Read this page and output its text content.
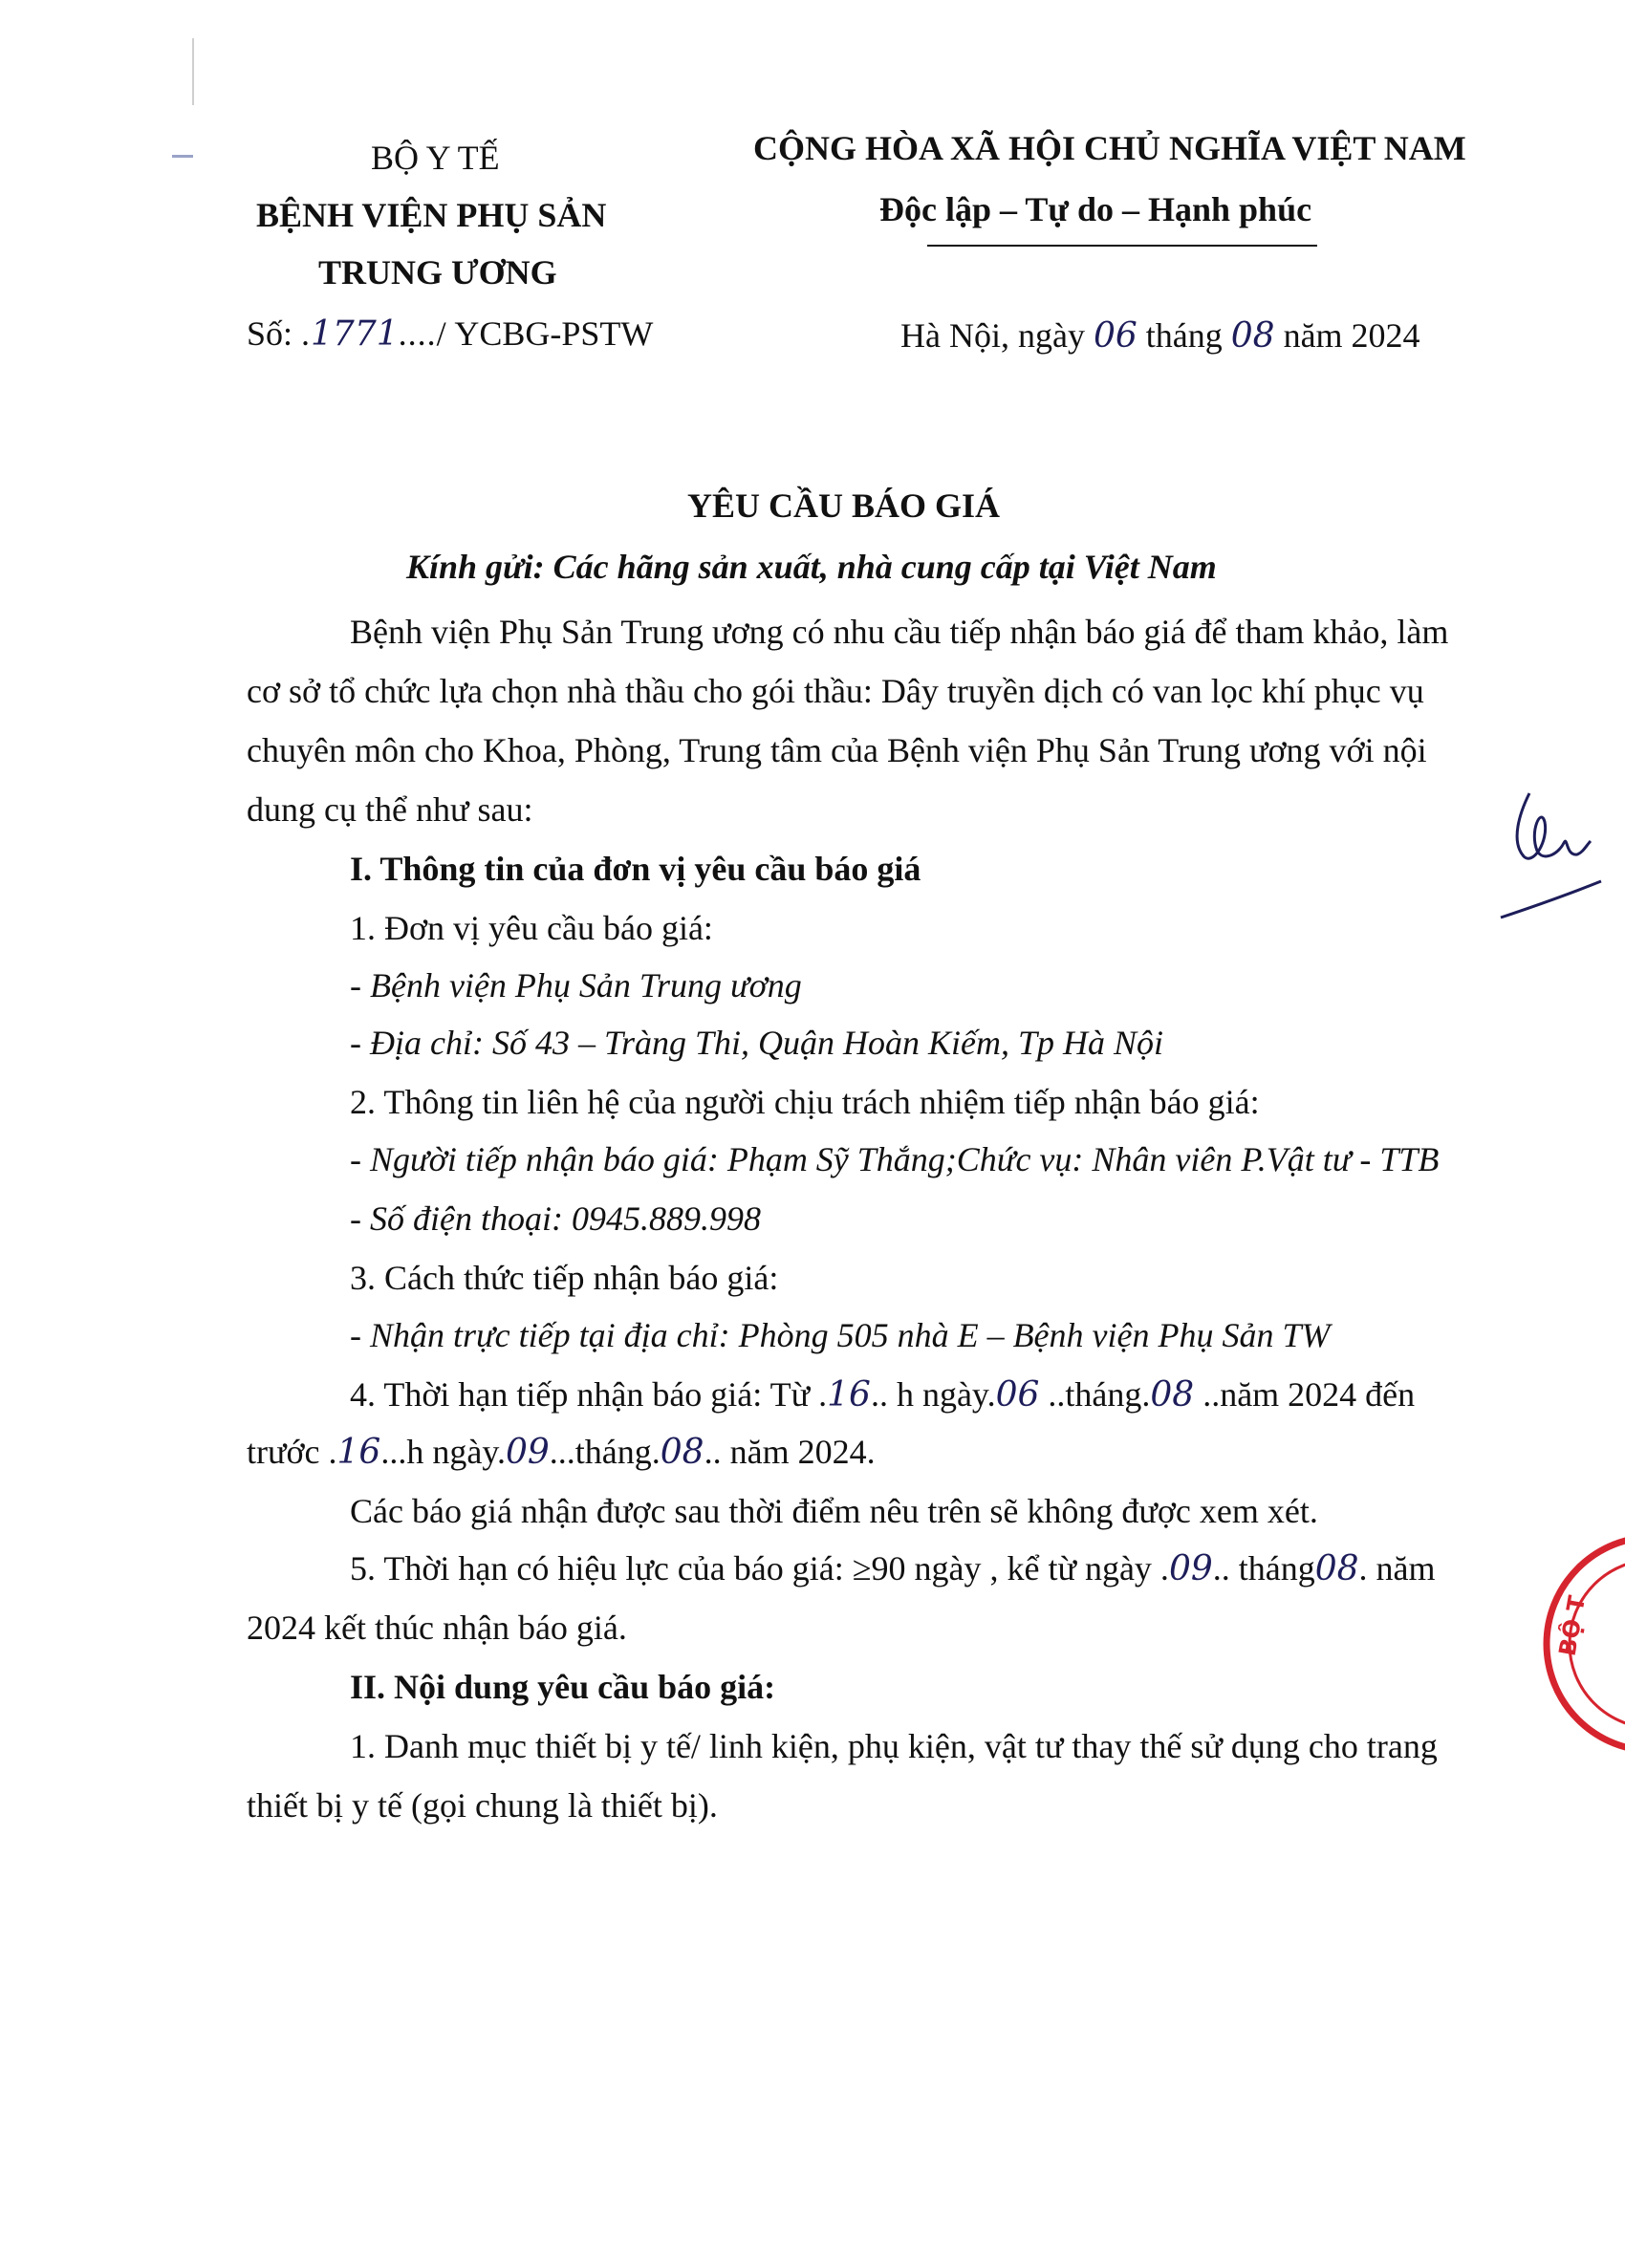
BỘ Y TẾ
BỆNH VIỆN PHỤ SẢN
TRUNG ƯƠNG
Số: .1771..../ YCBG-PSTW
CỘNG HÒA XÃ HỘI CHỦ NGHĨA VIỆT NAM
Độc lập – Tự do – Hạnh phúc
Hà Nội, ngày 06 tháng 08 năm 2024
YÊU CẦU BÁO GIÁ
Kính gửi: Các hãng sản xuất, nhà cung cấp tại Việt Nam
Bệnh viện Phụ Sản Trung ương có nhu cầu tiếp nhận báo giá để tham khảo, làm
cơ sở tổ chức lựa chọn nhà thầu cho gói thầu: Dây truyền dịch có van lọc khí phục vụ
chuyên môn cho Khoa, Phòng, Trung tâm của Bệnh viện Phụ Sản Trung ương với nội
dung cụ thể như sau:
I. Thông tin của đơn vị yêu cầu báo giá
1. Đơn vị yêu cầu báo giá:
- Bệnh viện Phụ Sản Trung ương
- Địa chỉ: Số 43 – Tràng Thi, Quận Hoàn Kiếm, Tp Hà Nội
2. Thông tin liên hệ của người chịu trách nhiệm tiếp nhận báo giá:
- Người tiếp nhận báo giá: Phạm Sỹ Thắng;Chức vụ: Nhân viên P.Vật tư - TTB
- Số điện thoại: 0945.889.998
3. Cách thức tiếp nhận báo giá:
- Nhận trực tiếp tại địa chỉ: Phòng 505 nhà E – Bệnh viện Phụ Sản TW
4. Thời hạn tiếp nhận báo giá: Từ .16.. h ngày.06 ..tháng.08 ..năm 2024 đến
trước .16...h ngày.09...tháng.08.. năm 2024.
Các báo giá nhận được sau thời điểm nêu trên sẽ không được xem xét.
5. Thời hạn có hiệu lực của báo giá: ≥90 ngày , kể từ ngày .09.. tháng08. năm
2024 kết thúc nhận báo giá.
II. Nội dung yêu cầu báo giá:
1. Danh mục thiết bị y tế/ linh kiện, phụ kiện, vật tư thay thế sử dụng cho trang
thiết bị y tế (gọi chung là thiết bị).
BỘ T
